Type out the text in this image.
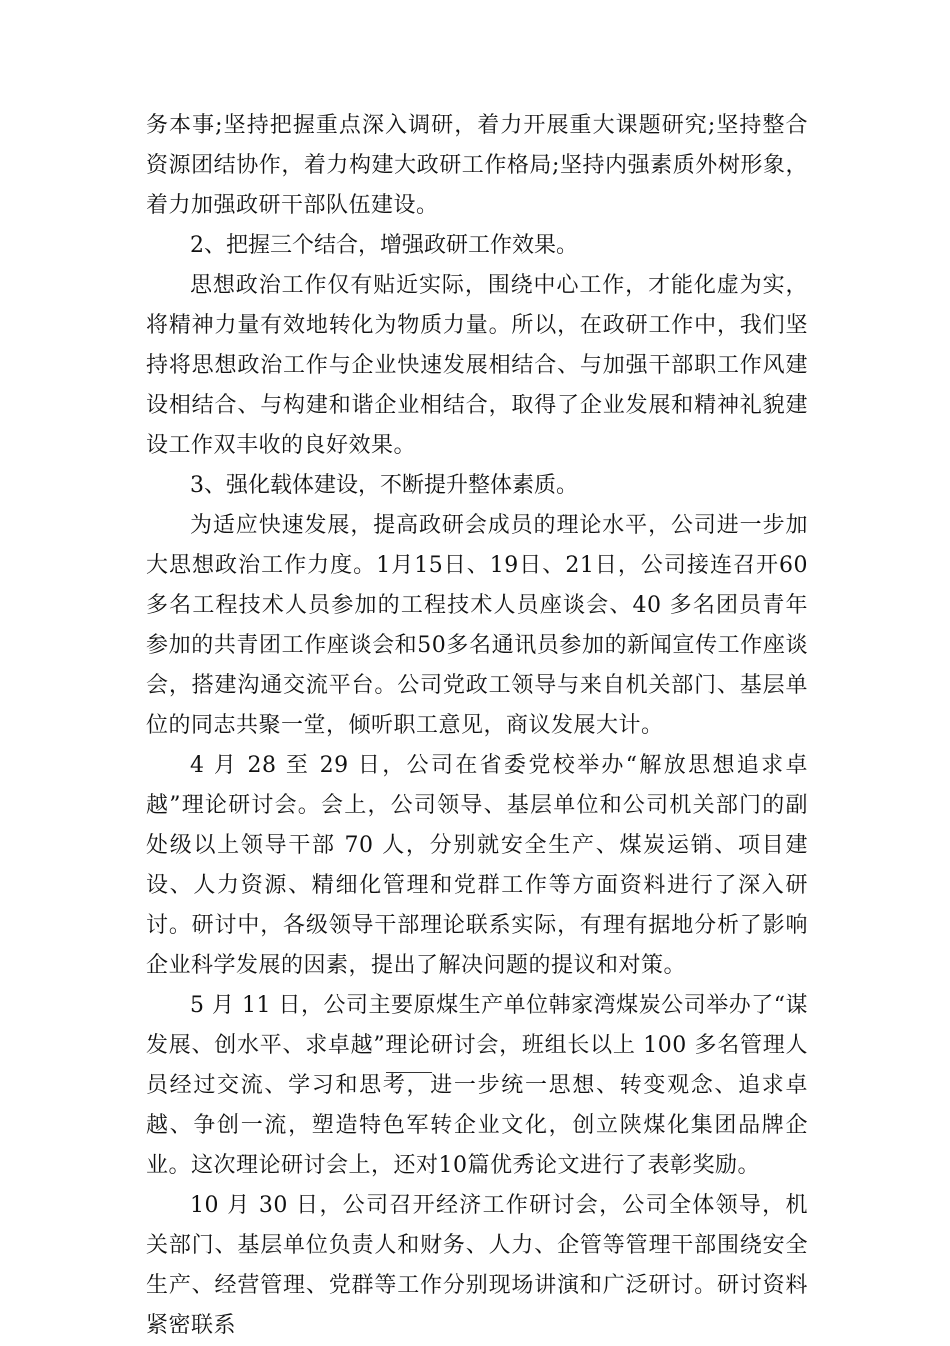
务本事;坚持把握重点深入调研，着力开展重大课题研究;坚持整合资源团结协作，着力构建大政研工作格局;坚持内强素质外树形象，着力加强政研干部队伍建设。

2、把握三个结合，增强政研工作效果。

思想政治工作仅有贴近实际，围绕中心工作，才能化虚为实，将精神力量有效地转化为物质力量。所以，在政研工作中，我们坚持将思想政治工作与企业快速发展相结合、与加强干部职工作风建设相结合、与构建和谐企业相结合，取得了企业发展和精神礼貌建设工作双丰收的良好效果。

3、强化载体建设，不断提升整体素质。

为适应快速发展，提高政研会成员的理论水平，公司进一步加大思想政治工作力度。1月15日、19日、21日，公司接连召开60多名工程技术人员参加的工程技术人员座谈会、40 多名团员青年参加的共青团工作座谈会和50多名通讯员参加的新闻宣传工作座谈会，搭建沟通交流平台。公司党政工领导与来自机关部门、基层单位的同志共聚一堂，倾听职工意见，商议发展大计。

4 月 28 至 29 日，公司在省委党校举办“解放思想追求卓越”理论研讨会。会上，公司领导、基层单位和公司机关部门的副处级以上领导干部 70 人，分别就安全生产、煤炭运销、项目建设、人力资源、精细化管理和党群工作等方面资料进行了深入研讨。研讨中，各级领导干部理论联系实际，有理有据地分析了影响企业科学发展的因素，提出了解决问题的提议和对策。

5 月 11 日，公司主要原煤生产单位韩家湾煤炭公司举办了“谋发展、创水平、求卓越”理论研讨会，班组长以上 100 多名管理人员经过交流、学习和思考，进一步统一思想、转变观念、追求卓越、争创一流，塑造特色军转企业文化，创立陕煤化集团品牌企业。这次理论研讨会上，还对10篇优秀论文进行了表彰奖励。

10 月 30 日，公司召开经济工作研讨会，公司全体领导，机关部门、基层单位负责人和财务、人力、企管等管理干部围绕安全生产、经营管理、党群等工作分别现场讲演和广泛研讨。研讨资料紧密联系
